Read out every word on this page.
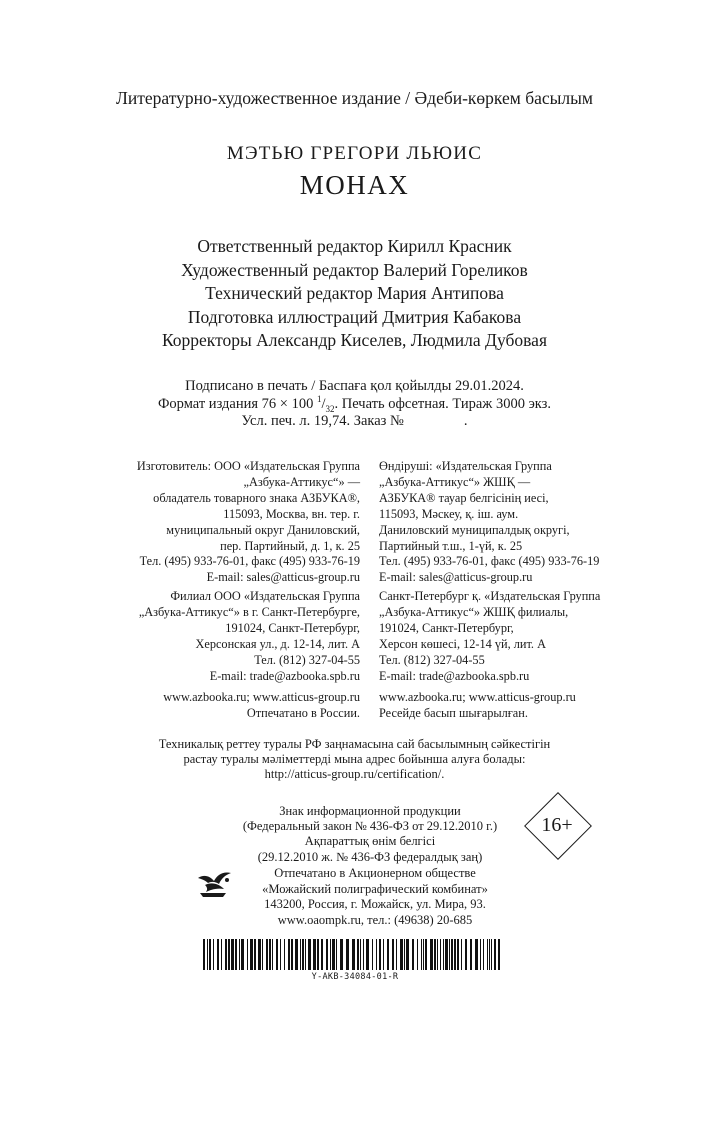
Литературно-художественное издание / Әдеби-көркем басылым
МЭТЬЮ ГРЕГОРИ ЛЬЮИС
МОНАХ
Ответственный редактор Кирилл Красник
Художественный редактор Валерий Гореликов
Технический редактор Мария Антипова
Подготовка иллюстраций Дмитрия Кабакова
Корректоры Александр Киселев, Людмила Дубовая
Подписано в печать / Баспаға қол қойылды 29.01.2024.
Формат издания 76 × 100 $^1/_{32}$. Печать офсетная. Тираж 3000 экз.
Усл. печ. л. 19,74. Заказ №	.
Изготовитель: ООО «Издательская Группа
„Азбука-Аттикус“» —
обладатель товарного знака АЗБУКА®,
115093, Москва, вн. тер. г.
муниципальный округ Даниловский,
пер. Партийный, д. 1, к. 25
Тел. (495) 933-76-01, факс (495) 933-76-19
E-mail: sales@atticus-group.ru
Өндіруші: «Издательская Группа
„Азбука-Аттикус“» ЖШҚ —
АЗБУКА® тауар белгісінің иесі,
115093, Мәскеу, қ. іш. аум.
Даниловский муниципалдық округі,
Партийный т.ш., 1-үй, к. 25
Тел. (495) 933-76-01, факс (495) 933-76-19
E-mail: sales@atticus-group.ru
Филиал ООО «Издательская Группа
„Азбука-Аттикус“» в г. Санкт-Петербурге,
191024, Санкт-Петербург,
Херсонская ул., д. 12-14, лит. А
Тел. (812) 327-04-55
E-mail: trade@azbooka.spb.ru
Санкт-Петербург қ. «Издательская Группа
„Азбука-Аттикус“» ЖШҚ филиалы,
191024, Санкт-Петербург,
Херсон көшесі, 12-14 үй, лит. А
Тел. (812) 327-04-55
E-mail: trade@azbooka.spb.ru
www.azbooka.ru; www.atticus-group.ru
Отпечатано в России.
www.azbooka.ru; www.atticus-group.ru
Ресейде басып шығарылған.
Техникалық реттеу туралы РФ заңнамасына сай басылымның сәйкестігін
растау туралы мәліметтерді мына адрес бойынша алуға болады:
http://atticus-group.ru/certification/.
Знак информационной продукции
(Федеральный закон № 436-ФЗ от 29.12.2010 г.)
Ақпараттық өнім белгісі
(29.12.2010 ж. № 436-ФЗ федералдық заң)
16+
Отпечатано в Акционерном обществе
«Можайский полиграфический комбинат»
143200, Россия, г. Можайск, ул. Мира, 93.
www.oaompk.ru, тел.: (49638) 20-685
Y-AKB-34084-01-R
